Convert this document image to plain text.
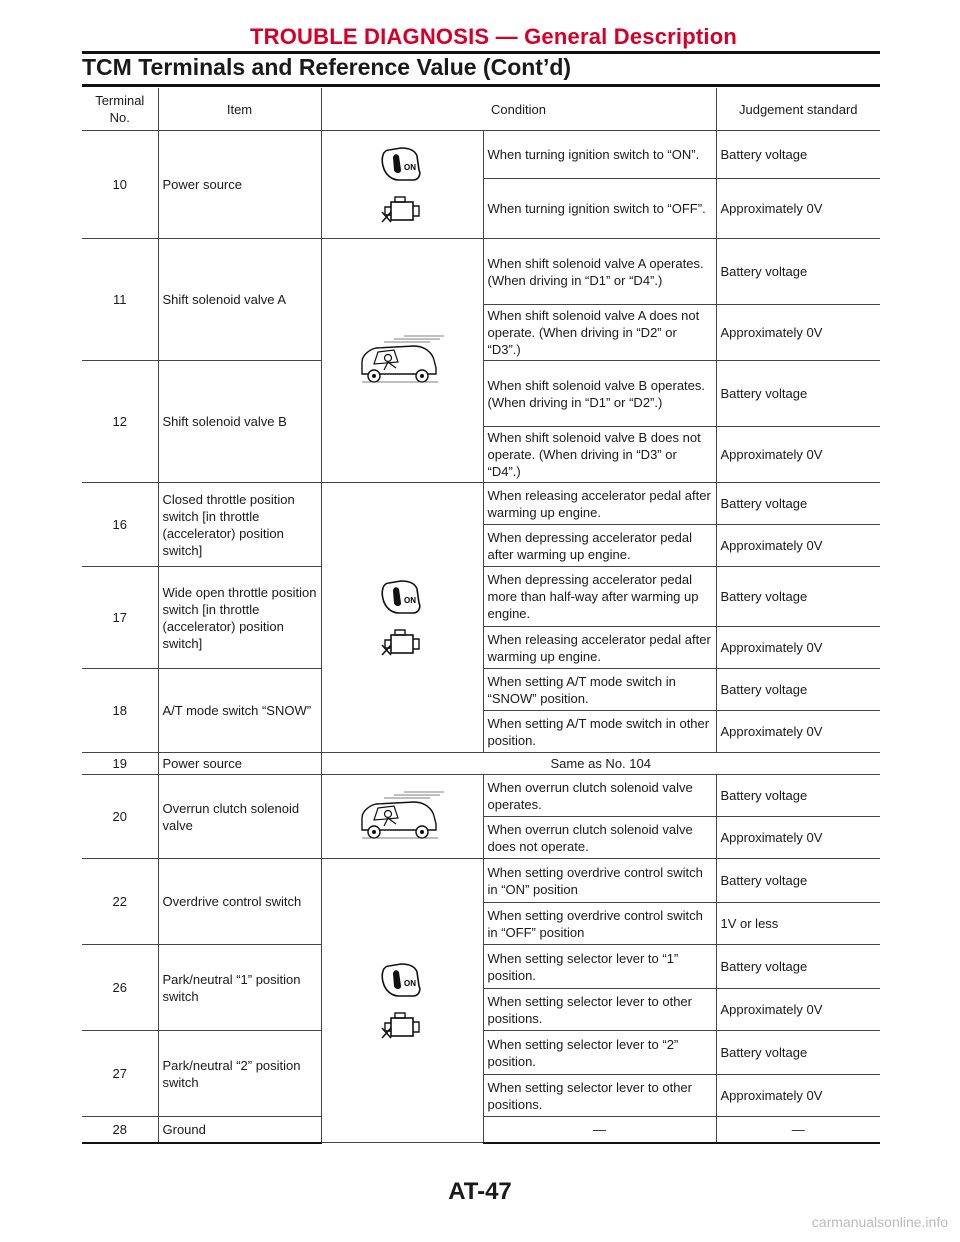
TROUBLE DIAGNOSIS — General Description
TCM Terminals and Reference Value (Cont’d)
Terminal No.	Item	Condition		Judgement standard
10	Power source		When turning ignition switch to “ON”.	Battery voltage
			When turning ignition switch to “OFF”.	Approximately 0V
11	Shift solenoid valve A		When shift solenoid valve A operates. (When driving in “D1” or “D4”.)	Battery voltage
			When shift solenoid valve A does not operate. (When driving in “D2” or “D3”.)	Approximately 0V
12	Shift solenoid valve B		When shift solenoid valve B operates. (When driving in “D1” or “D2”.)	Battery voltage
			When shift solenoid valve B does not operate. (When driving in “D3” or “D4”.)	Approximately 0V
16	Closed throttle position switch [in throttle (accelerator) position switch]		When releasing accelerator pedal after warming up engine.	Battery voltage
			When depressing accelerator pedal after warming up engine.	Approximately 0V
17	Wide open throttle position switch [in throttle (accelerator) position switch]		When depressing accelerator pedal more than half-way after warming up engine.	Battery voltage
			When releasing accelerator pedal after warming up engine.	Approximately 0V
18	A/T mode switch “SNOW”		When setting A/T mode switch in “SNOW” position.	Battery voltage
			When setting A/T mode switch in other position.	Approximately 0V
19	Power source	Same as No. 104		
20	Overrun clutch solenoid valve		When overrun clutch solenoid valve operates.	Battery voltage
			When overrun clutch solenoid valve does not operate.	Approximately 0V
22	Overdrive control switch		When setting overdrive control switch in “ON” position	Battery voltage
			When setting overdrive control switch in “OFF” position	1V or less
26	Park/neutral “1” position switch		When setting selector lever to “1” position.	Battery voltage
			When setting selector lever to other positions.	Approximately 0V
27	Park/neutral “2” position switch		When setting selector lever to “2” position.	Battery voltage
			When setting selector lever to other positions.	Approximately 0V
28	Ground		—	—
AT-47
carmanualsonline.info
